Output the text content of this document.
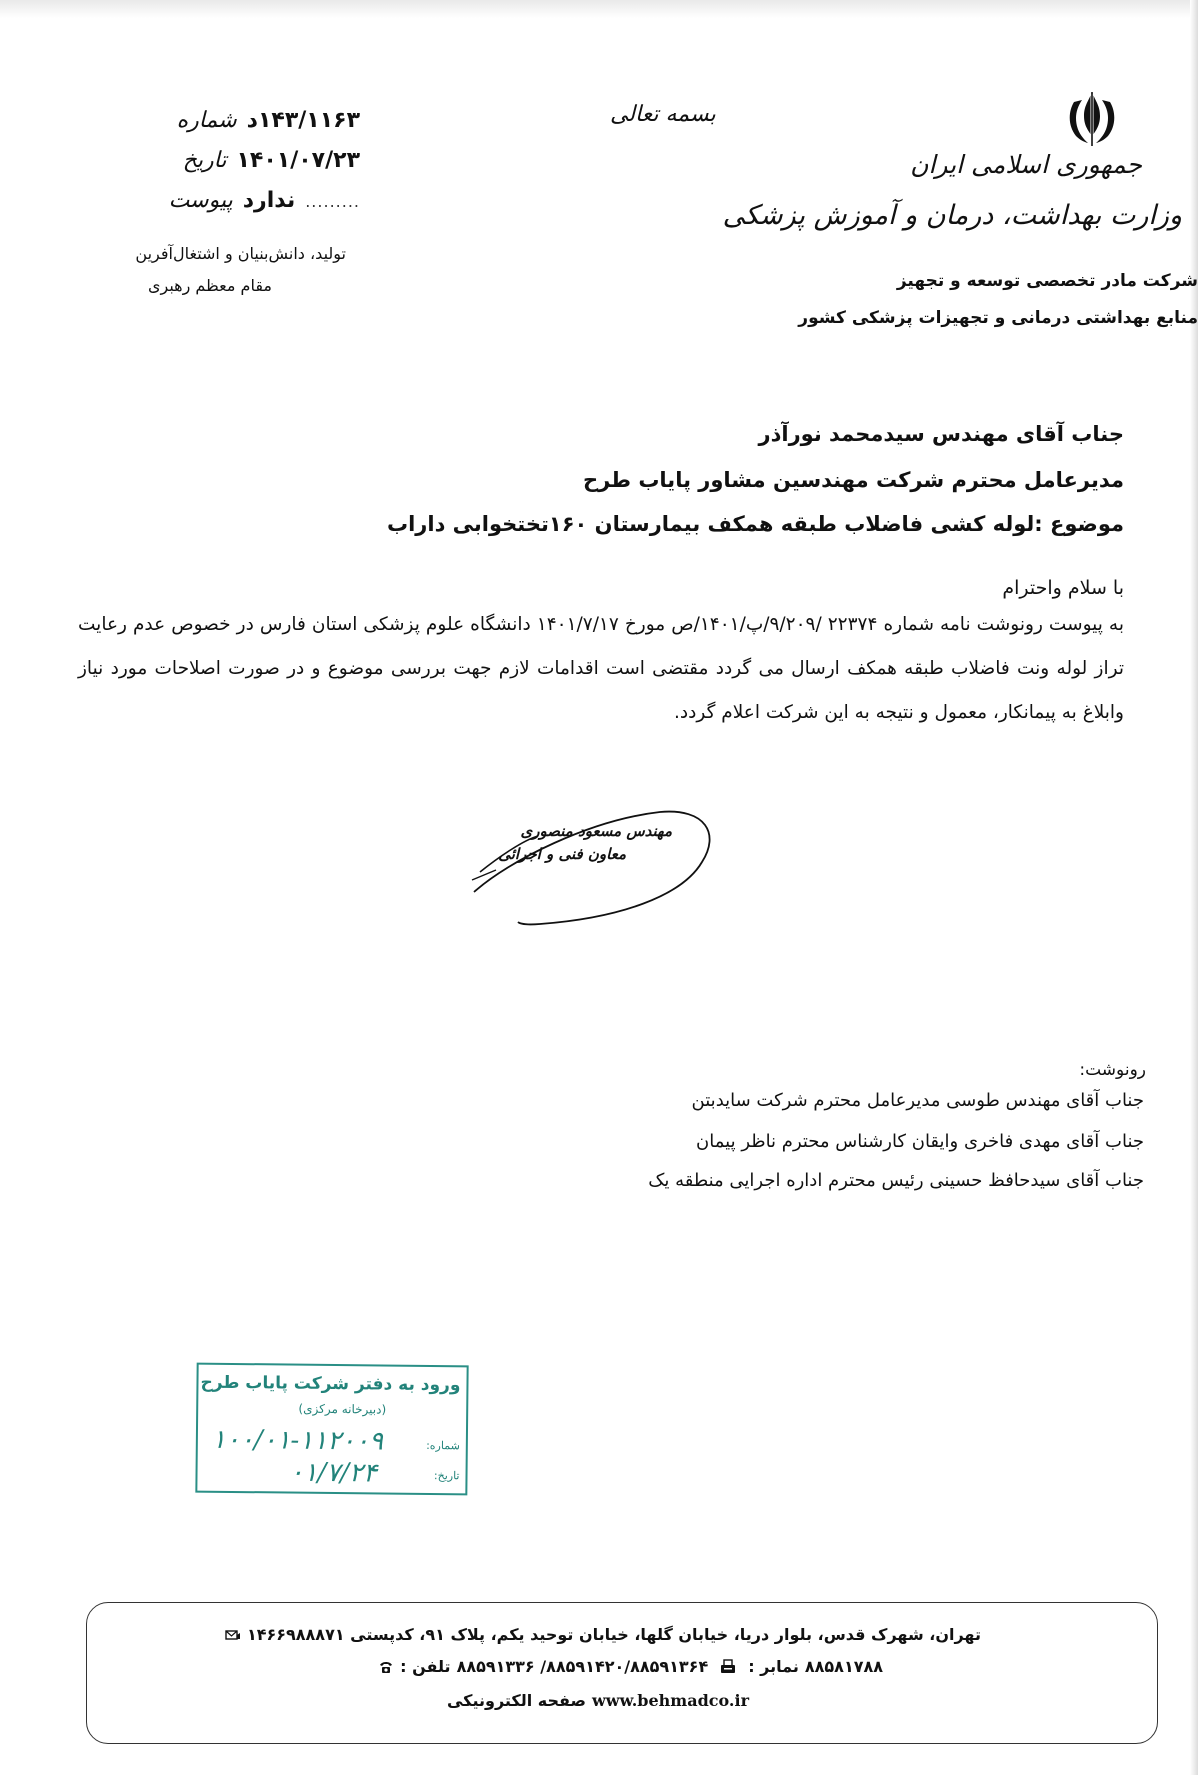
جمهوری اسلامی ایران
وزارت بهداشت، درمان و آموزش پزشکی
شرکت مادر تخصصی توسعه و تجهیز
منابع بهداشتی درمانی و تجهیزات پزشکی کشور
بسمه تعالی
شماره ۱۴۳/۱۱۶۳د
تاریخ ۱۴۰۱/۰۷/۲۳
پیوست ندارد .........
تولید، دانش‌بنیان و اشتغال‌آفرین
مقام معظم رهبری
جناب آقای مهندس سیدمحمد نورآذر
مدیرعامل محترم شرکت مهندسین مشاور پایاب طرح
موضوع :لوله کشی فاضلاب طبقه همکف بیمارستان ۱۶۰تختخوابی داراب
با سلام واحترام
به پیوست رونوشت نامه شماره ۲۲۳۷۴ /۹/۲۰۹/پ/۱۴۰۱/ص مورخ ۱۴۰۱/۷/۱۷ دانشگاه علوم پزشکی استان فارس در خصوص عدم رعایت تراز لوله ونت فاضلاب طبقه همکف ارسال می گردد مقتضی است اقدامات لازم جهت بررسی موضوع و در صورت اصلاحات مورد نیاز وابلاغ به پیمانکار، معمول و نتیجه به این شرکت اعلام گردد.
مهندس مسعود منصوری
معاون فنی و اجرائی
رونوشت:
جناب آقای مهندس طوسی مدیرعامل محترم شرکت سایدبتن
جناب آقای مهدی فاخری وایقان کارشناس محترم ناظر پیمان
جناب آقای سیدحافظ حسینی رئیس محترم اداره اجرایی منطقه یک
ورود به دفتر شرکت پایاب طرح
(دبیرخانه مرکزی)
شماره:
تاریخ:
۱۰۰/۰۱-۱۱۲۰۰۹
۰۱/۷/۲۴
تهران، شهرک قدس، بلوار دریا، خیابان گلها، خیابان توحید یکم، پلاک ۹۱، کدپستی ۱۴۶۶۹۸۸۸۷۱
تلفن : ۸۸۵۹۱۴۲۰/۸۸۵۹۱۳۶۴/ ۸۸۵۹۱۳۳۶	نمابر : ۸۸۵۸۱۷۸۸
صفحه الکترونیکی www.behmadco.ir
